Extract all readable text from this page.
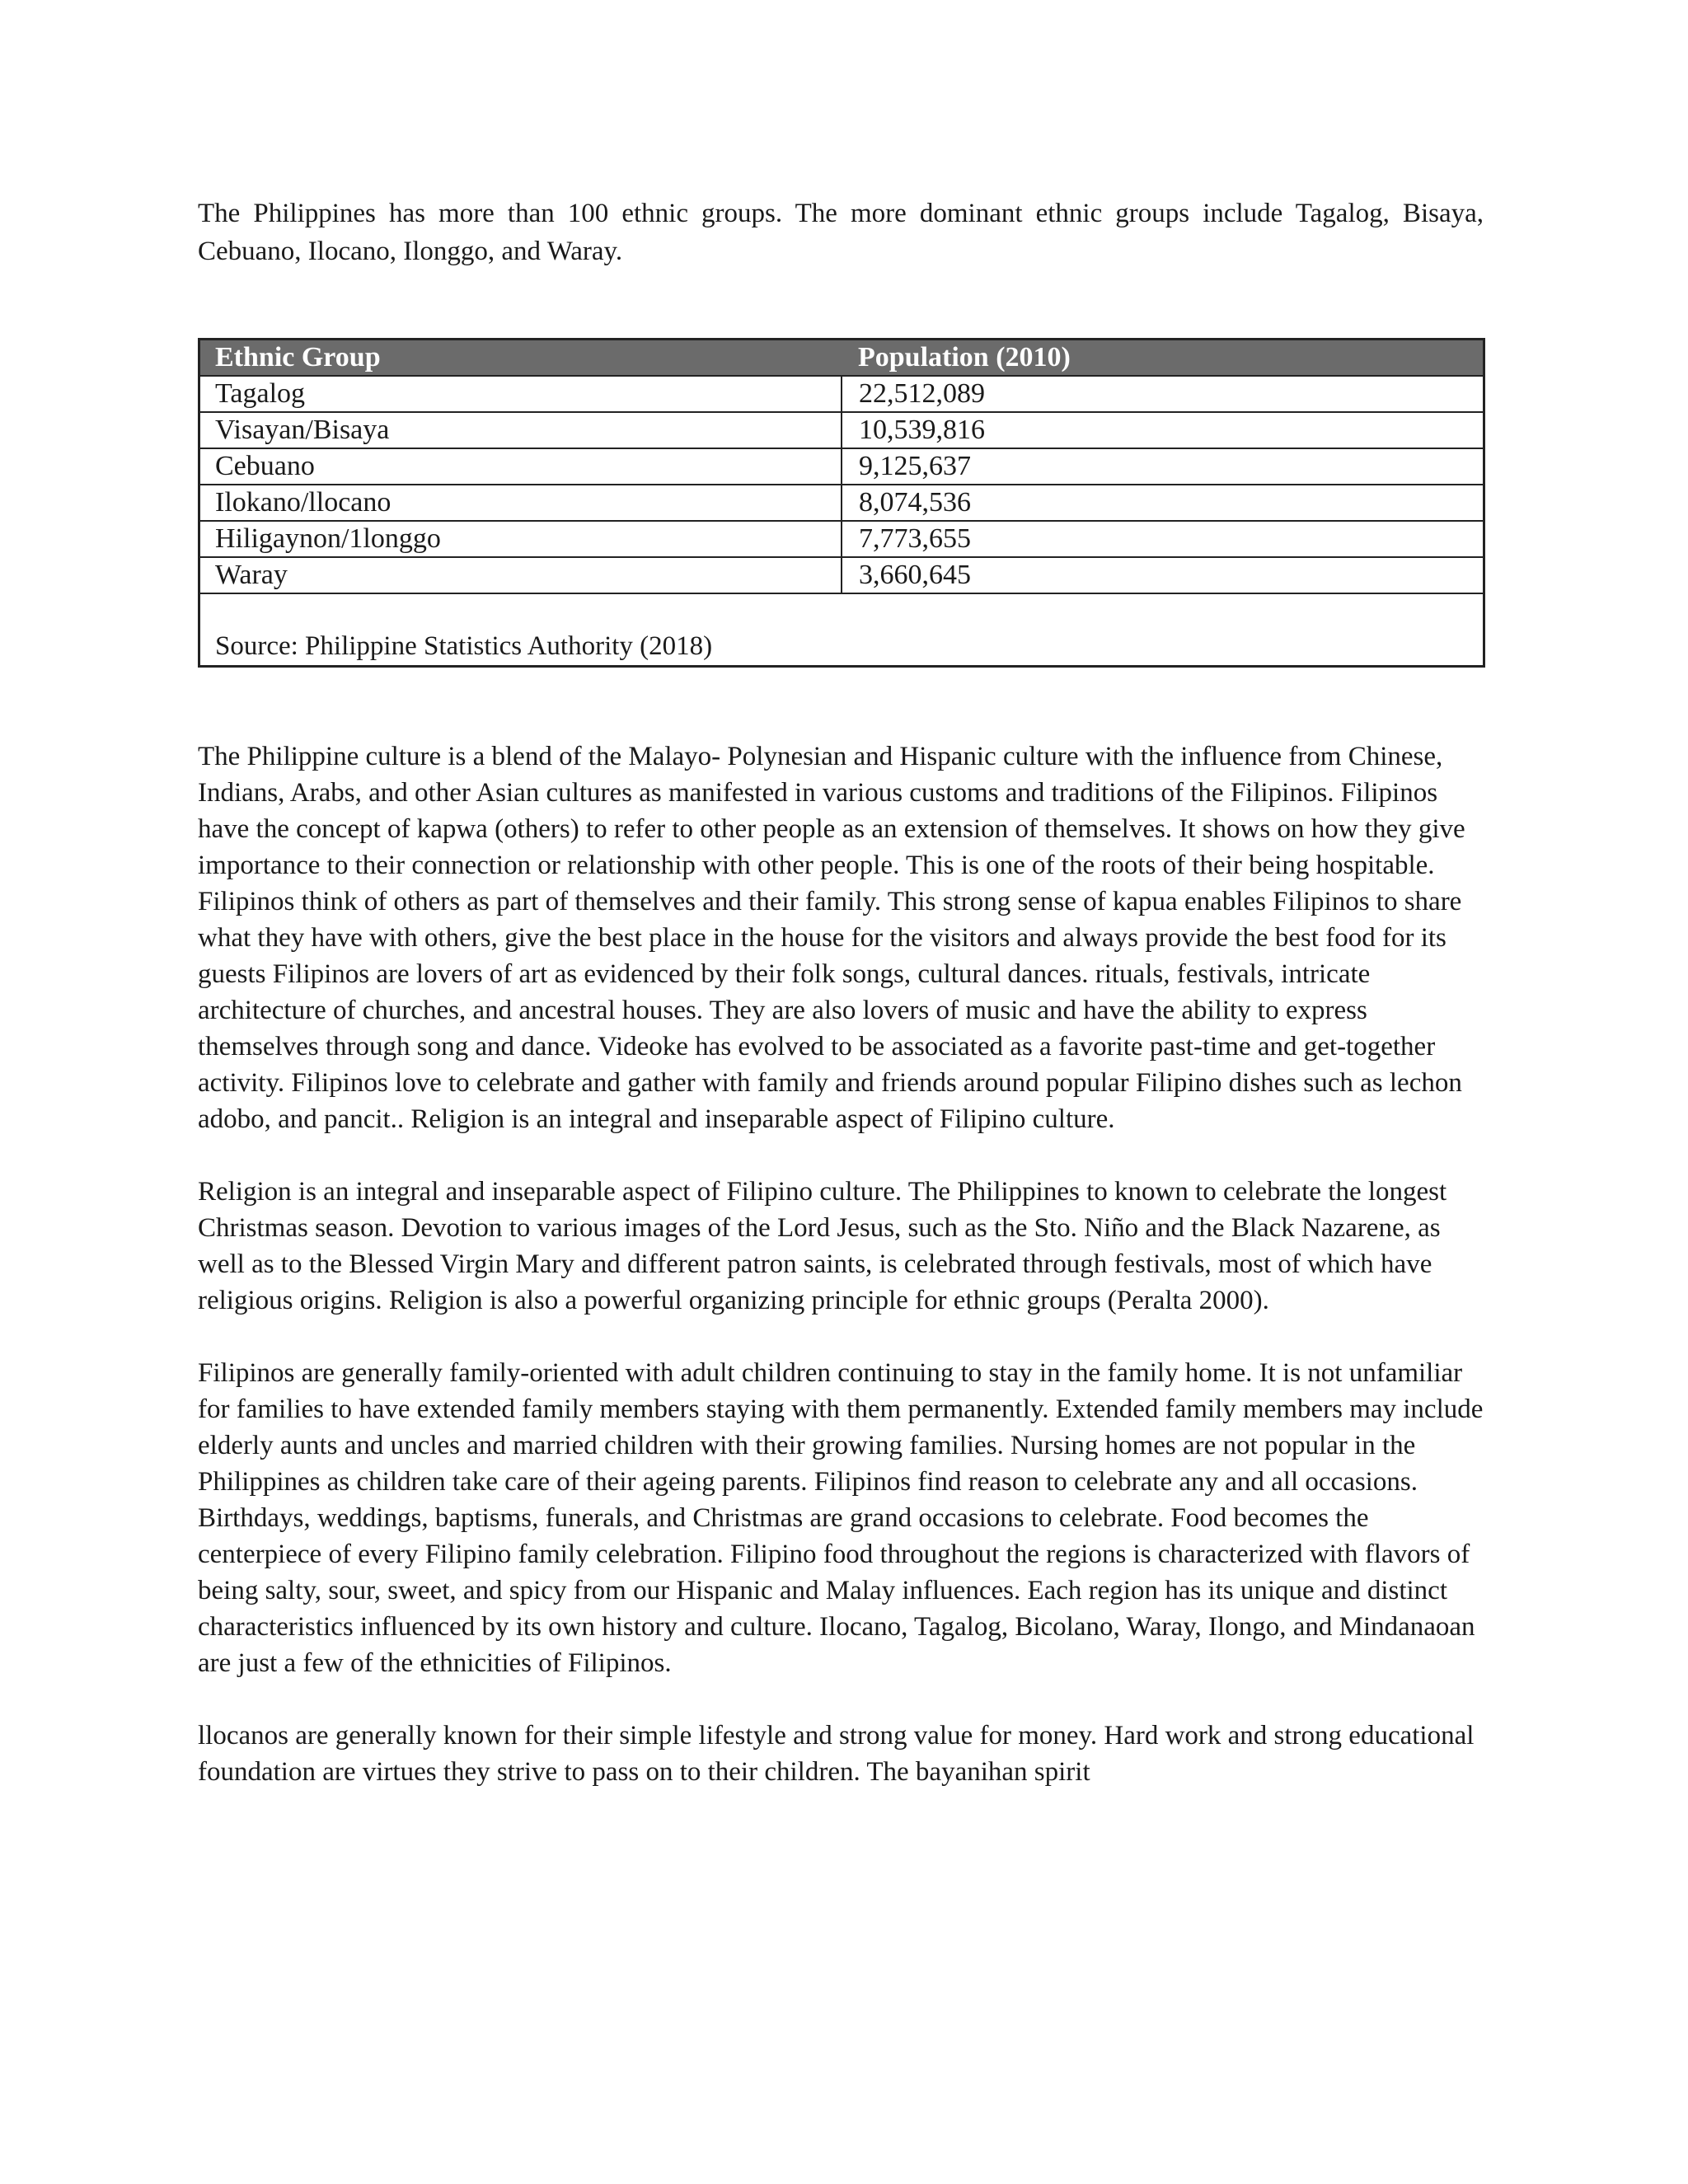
The Philippines has more than 100 ethnic groups. The more dominant ethnic groups include Tagalog, Bisaya, Cebuano, Ilocano, Ilonggo, and Waray.

Ethnic Group	Population (2010)
Tagalog	22,512,089
Visayan/Bisaya	10,539,816
Cebuano	9,125,637
Ilokano/llocano	8,074,536
Hiligaynon/1longgo	7,773,655
Waray	3,660,645
Source: Philippine Statistics Authority (2018)

The Philippine culture is a blend of the Malayo- Polynesian and Hispanic culture with the influence from Chinese, Indians, Arabs, and other Asian cultures as manifested in various customs and traditions of the Filipinos. Filipinos have the concept of kapwa (others) to refer to other people as an extension of themselves. It shows on how they give importance to their connection or relationship with other people. This is one of the roots of their being hospitable. Filipinos think of others as part of themselves and their family. This strong sense of kapua enables Filipinos to share what they have with others, give the best place in the house for the visitors and always provide the best food for its guests Filipinos are lovers of art as evidenced by their folk songs, cultural dances. rituals, festivals, intricate architecture of churches, and ancestral houses. They are also lovers of music and have the ability to express themselves through song and dance. Videoke has evolved to be associated as a favorite past-time and get-together activity. Filipinos love to celebrate and gather with family and friends around popular Filipino dishes such as lechon adobo, and pancit.. Religion is an integral and inseparable aspect of Filipino culture.

Religion is an integral and inseparable aspect of Filipino culture. The Philippines to known to celebrate the longest Christmas season. Devotion to various images of the Lord Jesus, such as the Sto. Niño and the Black Nazarene, as well as to the Blessed Virgin Mary and different patron saints, is celebrated through festivals, most of which have religious origins. Religion is also a powerful organizing principle for ethnic groups (Peralta 2000).

Filipinos are generally family-oriented with adult children continuing to stay in the family home. It is not unfamiliar for families to have extended family members staying with them permanently. Extended family members may include elderly aunts and uncles and married children with their growing families. Nursing homes are not popular in the Philippines as children take care of their ageing parents. Filipinos find reason to celebrate any and all occasions. Birthdays, weddings, baptisms, funerals, and Christmas are grand occasions to celebrate. Food becomes the centerpiece of every Filipino family celebration. Filipino food throughout the regions is characterized with flavors of being salty, sour, sweet, and spicy from our Hispanic and Malay influences. Each region has its unique and distinct characteristics influenced by its own history and culture. Ilocano, Tagalog, Bicolano, Waray, Ilongo, and Mindanaoan are just a few of the ethnicities of Filipinos.

llocanos are generally known for their simple lifestyle and strong value for money. Hard work and strong educational foundation are virtues they strive to pass on to their children. The bayanihan spirit
